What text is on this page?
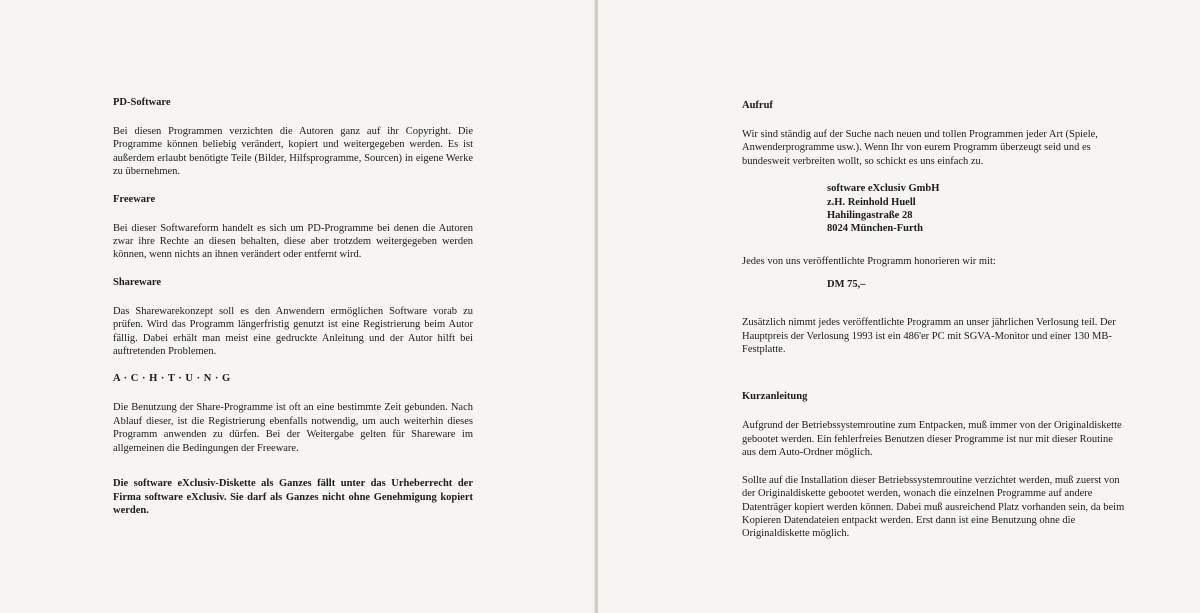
PD-Software

Bei diesen Programmen verzichten die Autoren ganz auf ihr Copyright. Die Programme können beliebig verändert, kopiert und weitergegeben werden. Es ist außerdem erlaubt benötigte Teile (Bilder, Hilfsprogramme, Sourcen) in eigene Werke zu übernehmen.

Freeware

Bei dieser Softwareform handelt es sich um PD-Programme bei denen die Autoren zwar ihre Rechte an diesen behalten, diese aber trotzdem weitergegeben werden können, wenn nichts an ihnen verändert oder entfernt wird.

Shareware

Das Sharewarekonzept soll es den Anwendern ermöglichen Software vorab zu prüfen. Wird das Programm längerfristig genutzt ist eine Registrierung beim Autor fällig. Dabei erhält man meist eine gedruckte Anleitung und der Autor hilft bei auftretenden Problemen.

A · C · H · T · U · N · G

Die Benutzung der Share-Programme ist oft an eine bestimmte Zeit gebunden. Nach Ablauf dieser, ist die Registrierung ebenfalls notwendig, um auch weiterhin dieses Programm anwenden zu dürfen. Bei der Weitergabe gelten für Shareware im allgemeinen die Bedingungen der Freeware.

Die software eXclusiv-Diskette als Ganzes fällt unter das Urheberrecht der Firma software eXclusiv. Sie darf als Ganzes nicht ohne Genehmigung kopiert werden.

Aufruf

Wir sind ständig auf der Suche nach neuen und tollen Programmen jeder Art (Spiele, Anwenderprogramme usw.). Wenn Ihr von eurem Programm überzeugt seid und es bundesweit verbreiten wollt, so schickt es uns einfach zu.

software eXclusiv GmbH
z.H. Reinhold Huell
Hahilingastraße 28
8024 München-Furth

Jedes von uns veröffentlichte Programm honorieren wir mit:

DM 75,–

Zusätzlich nimmt jedes veröffentlichte Programm an unser jährlichen Verlosung teil. Der Hauptpreis der Verlosung 1993 ist ein 486'er PC mit SGVA-Monitor und einer 130 MB-Festplatte.

Kurzanleitung

Aufgrund der Betriebssystemroutine zum Entpacken, muß immer von der Originaldiskette gebootet werden. Ein fehlerfreies Benutzen dieser Programme ist nur mit dieser Routine aus dem Auto-Ordner möglich.

Sollte auf die Installation dieser Betriebssystemroutine verzichtet werden, muß zuerst von der Originaldiskette gebootet werden, wonach die einzelnen Programme auf andere Datenträger kopiert werden können. Dabei muß ausreichend Platz vorhanden sein, da beim Kopieren Datendateien entpackt werden. Erst dann ist eine Benutzung ohne die Originaldiskette möglich.
